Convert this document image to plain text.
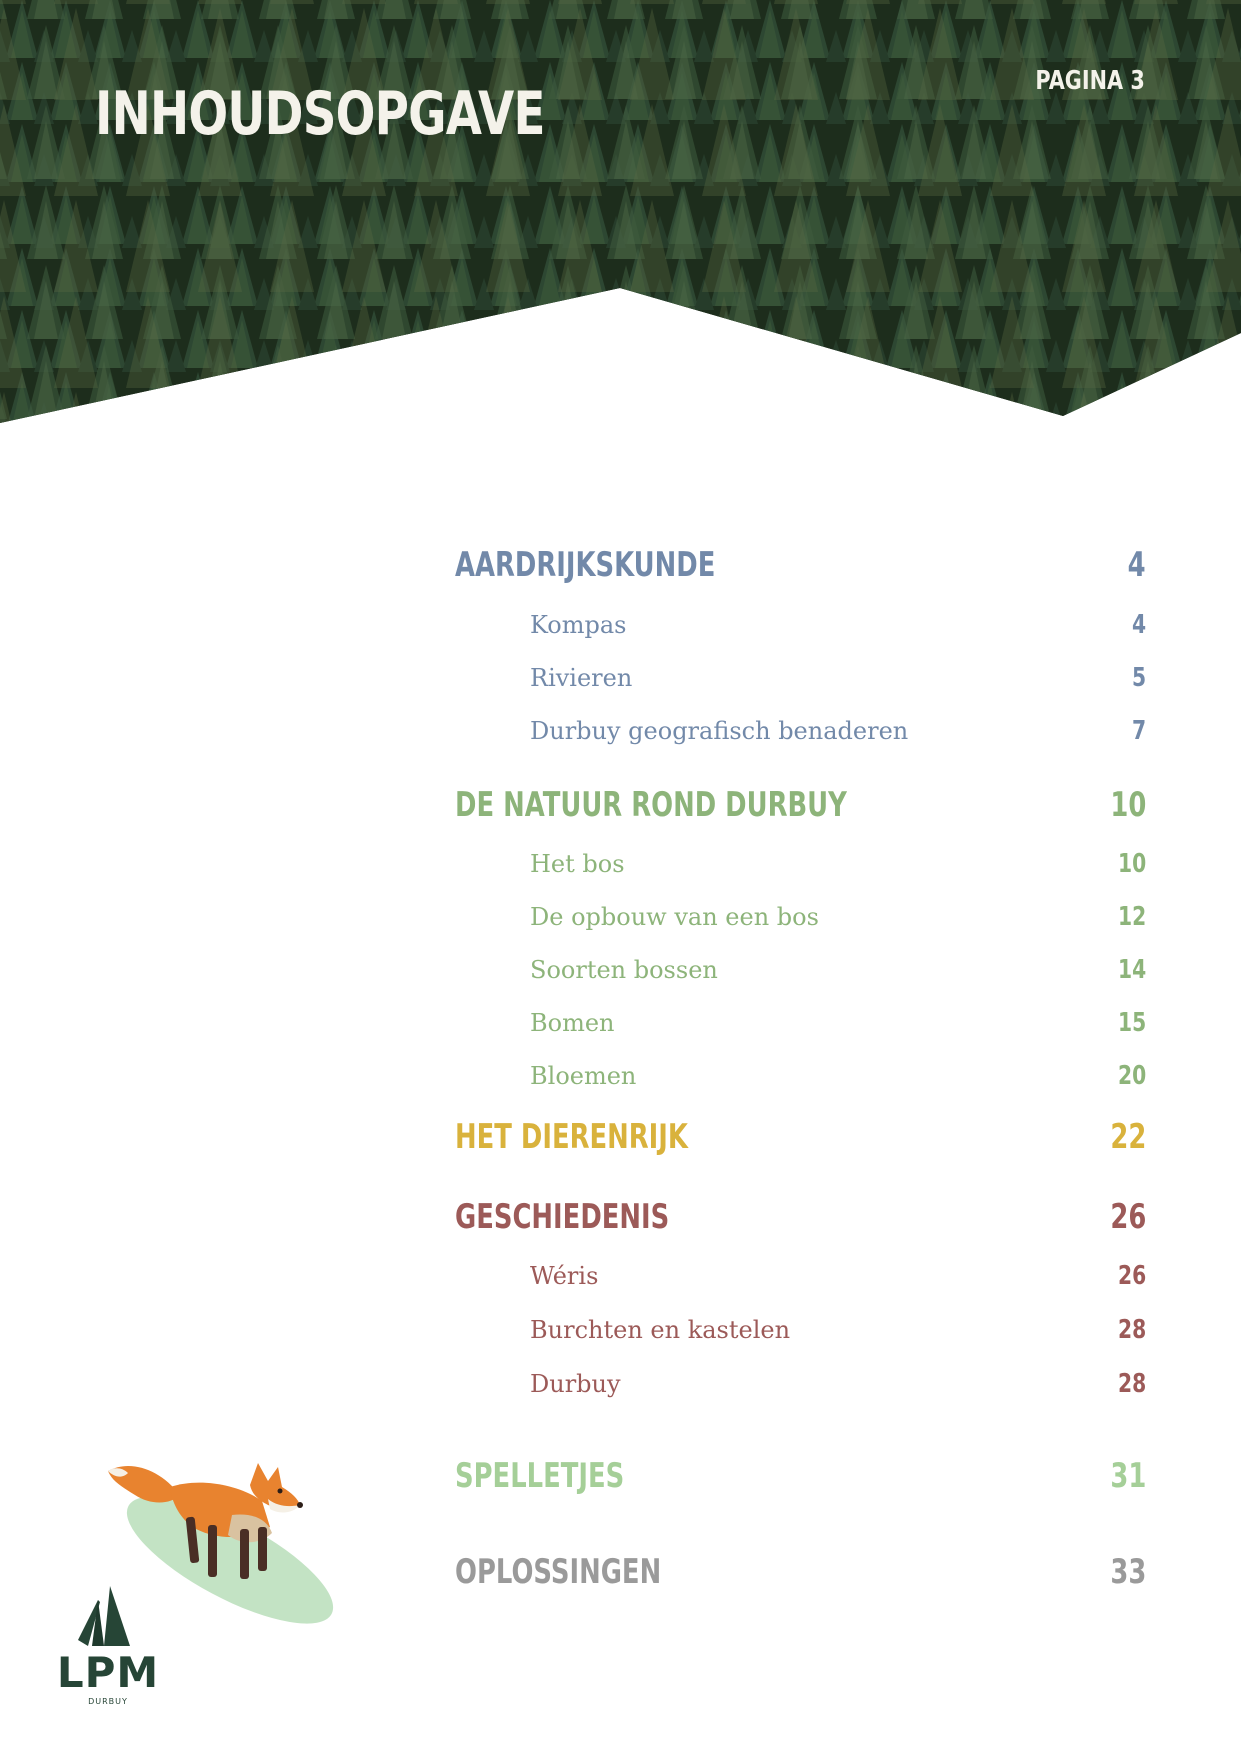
INHOUDSOPGAVE	PAGINA 3
AARDRIJKSKUNDE	4
Kompas	4
Rivieren	5
Durbuy geografisch benaderen	7
DE NATUUR ROND DURBUY	10
Het bos	10
De opbouw van een bos	12
Soorten bossen	14
Bomen	15
Bloemen	20
HET DIERENRIJK	22
GESCHIEDENIS	26
Wéris	26
Burchten en kastelen	28
Durbuy	28
SPELLETJES	31
OPLOSSINGEN	33
LPM
DURBUY
